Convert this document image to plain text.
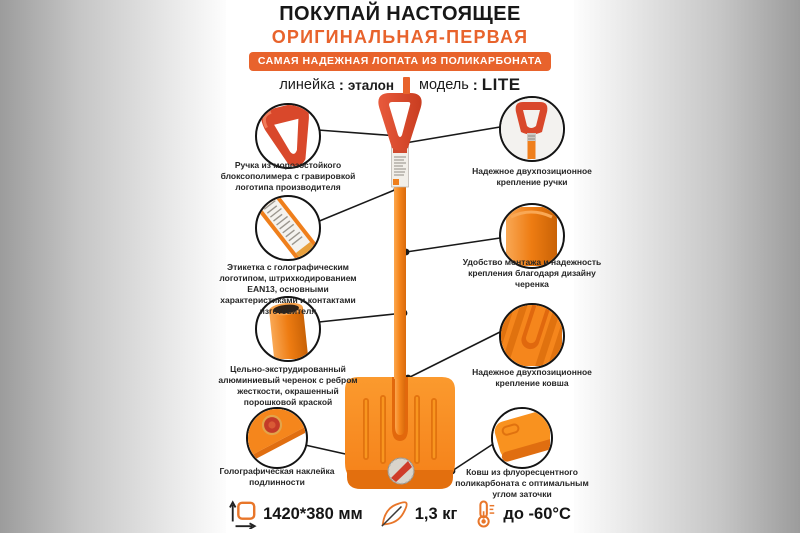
ПОКУПАЙ НАСТОЯЩЕЕ
ОРИГИНАЛЬНАЯ-ПЕРВАЯ
САМАЯ НАДЕЖНАЯ ЛОПАТА ИЗ ПОЛИКАРБОНАТА
линейка : эталон модель : LITE
Ручка из морозостойкого блоксополимера с гравировкой логотипа производителя
Этикетка с голографическим логотипом, штрихкодированием EAN13, основными характеристиками и контактами изготовителя
Цельно-экструдированный алюминиевый черенок с ребром жесткости, окрашенный порошковой краской
Голографическая наклейка подлинности
Надежное двухпозиционное крепление ручки
Удобство монтажа и надежность крепления благодаря дизайну черенка
Надежное двухпозиционное крепление ковша
Ковш из флуоресцентного поликарбоната с оптимальным углом заточки
1420*380 мм	1,3 кг	до -60°C
